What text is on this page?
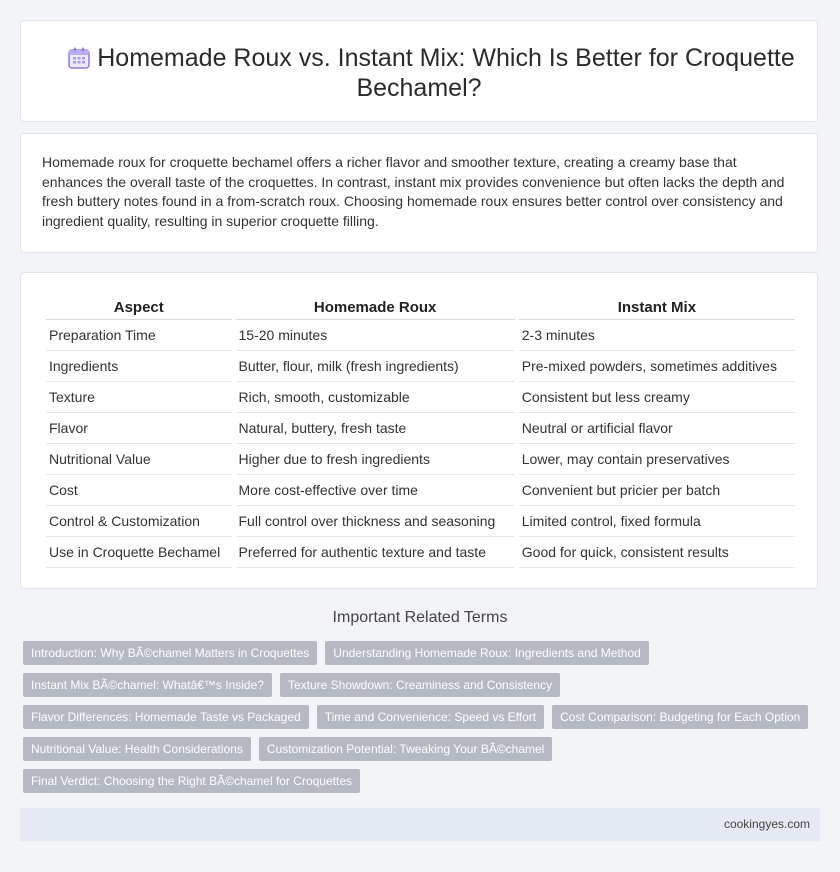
Homemade Roux vs. Instant Mix: Which Is Better for Croquette Bechamel?
Homemade roux for croquette bechamel offers a richer flavor and smoother texture, creating a creamy base that enhances the overall taste of the croquettes. In contrast, instant mix provides convenience but often lacks the depth and fresh buttery notes found in a from-scratch roux. Choosing homemade roux ensures better control over consistency and ingredient quality, resulting in superior croquette filling.
Aspect	Homemade Roux	Instant Mix
Preparation Time	15-20 minutes	2-3 minutes
Ingredients	Butter, flour, milk (fresh ingredients)	Pre-mixed powders, sometimes additives
Texture	Rich, smooth, customizable	Consistent but less creamy
Flavor	Natural, buttery, fresh taste	Neutral or artificial flavor
Nutritional Value	Higher due to fresh ingredients	Lower, may contain preservatives
Cost	More cost-effective over time	Convenient but pricier per batch
Control & Customization	Full control over thickness and seasoning	Limited control, fixed formula
Use in Croquette Bechamel	Preferred for authentic texture and taste	Good for quick, consistent results
Important Related Terms
Introduction: Why BÃ©chamel Matters in Croquettes	Understanding Homemade Roux: Ingredients and Method
Instant Mix BÃ©chamel: Whatâ€™s Inside?	Texture Showdown: Creaminess and Consistency
Flavor Differences: Homemade Taste vs Packaged	Time and Convenience: Speed vs Effort	Cost Comparison: Budgeting for Each Option
Nutritional Value: Health Considerations	Customization Potential: Tweaking Your BÃ©chamel
Final Verdict: Choosing the Right BÃ©chamel for Croquettes
cookingyes.com
